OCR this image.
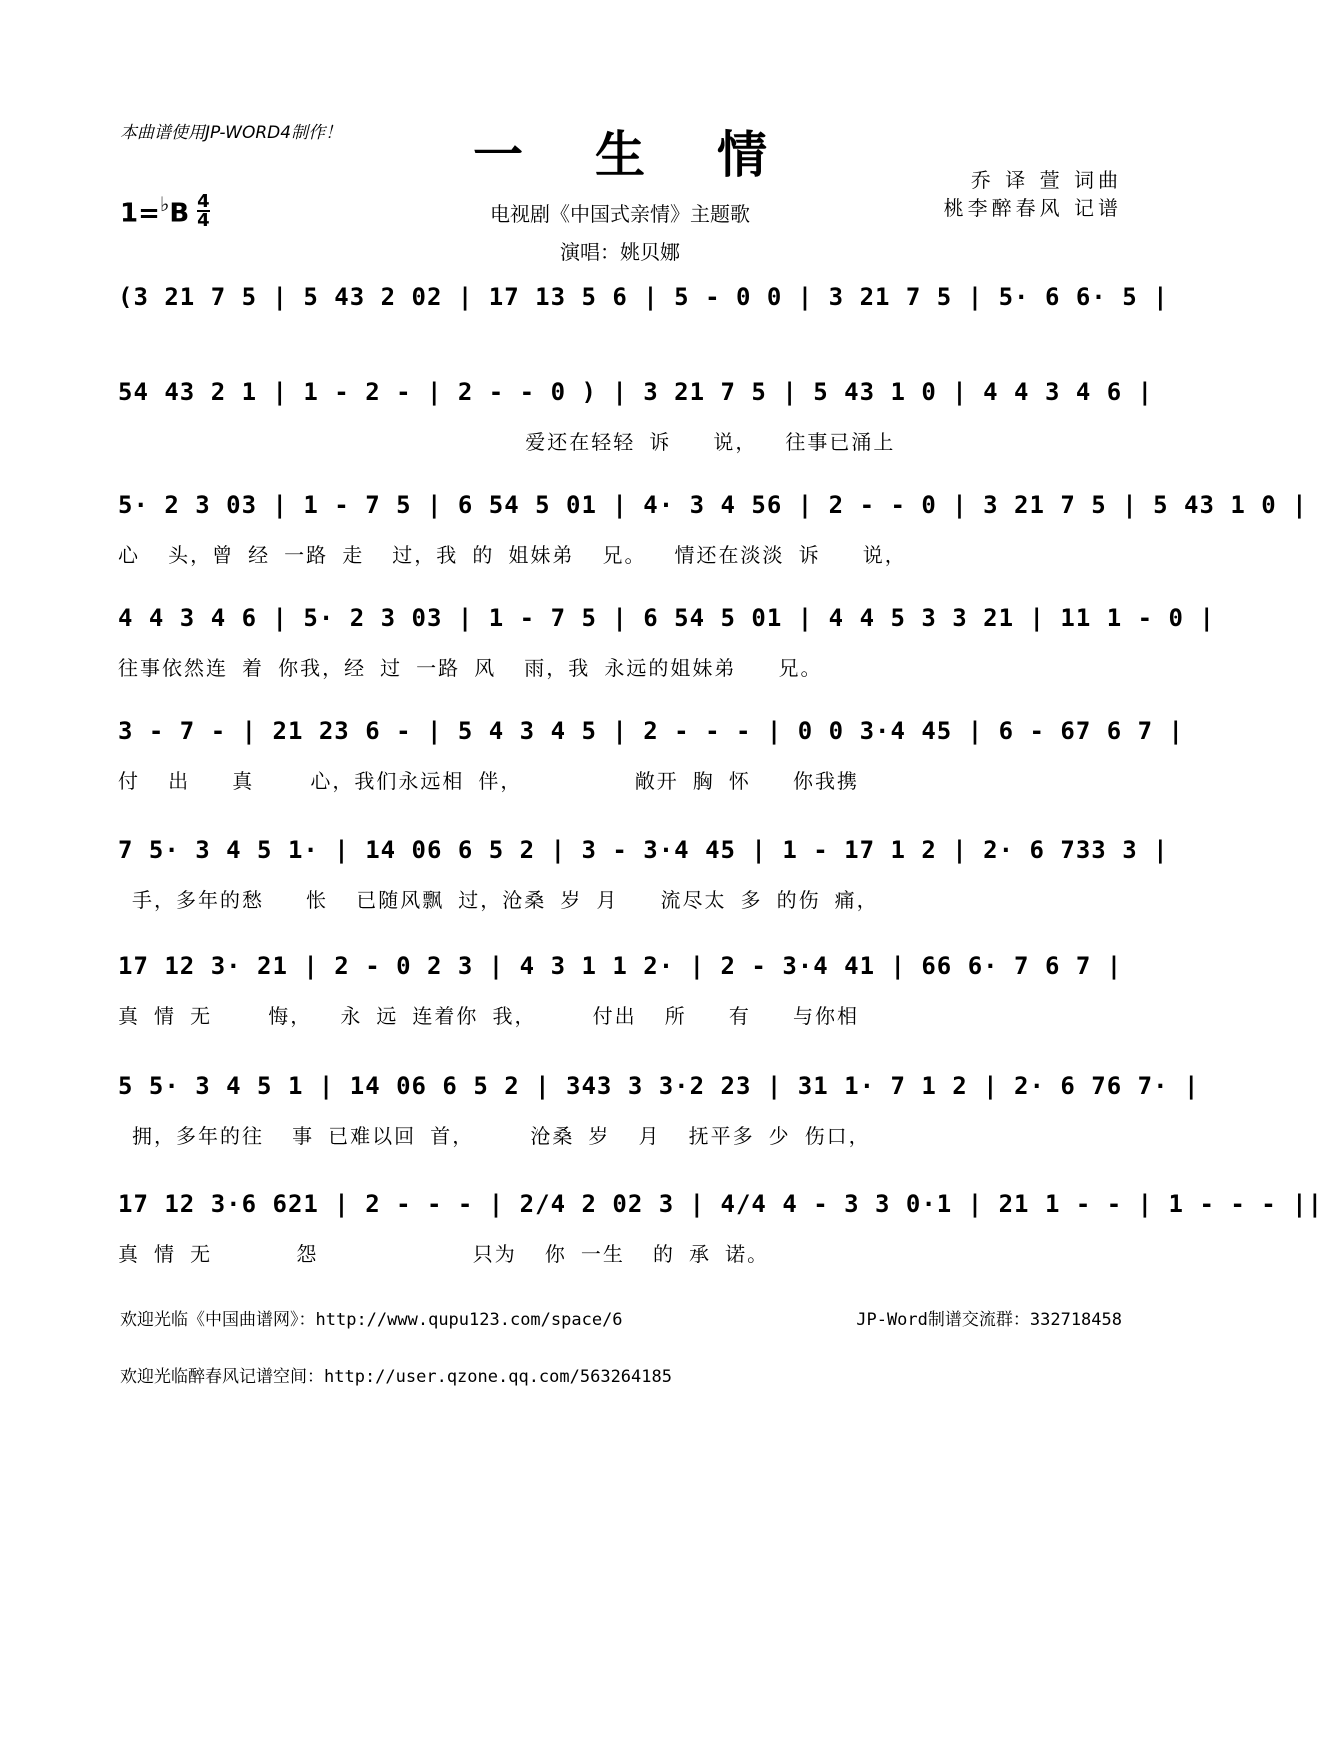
本曲谱使用JP-WORD4制作！	一生情
电视剧《中国式亲情》主题歌
演唱：姚贝娜
乔 译 萱 词曲
桃李醉春风 记谱
$1=^♭B \frac{4}{4}$
(3 21 7 5 | 5 43 2 02 | 17 13 5 6 | 5 - 0 0 | 3 21 7 5 | 5· 6 6· 5 |
54 43 2 1 | 1 - 2 - | 2 - - 0 ) | 3 21 7 5 | 5 43 1 0 | 4 4 3 4 6 |
爱还在轻轻 诉   说，  往事已涌上
5· 2 3 03 | 1 - 7 5 | 6 54 5 01 | 4· 3 4 56 | 2 - - 0 | 3 21 7 5 | 5 43 1 0 |
心  头，曾 经 一路 走  过，我 的 姐妹弟  兄。  情还在淡淡 诉   说，
4 4 3 4 6 | 5· 2 3 03 | 1 - 7 5 | 6 54 5 01 | 4 4 5 3 3 21 | 11 1 - 0 |
往事依然连 着 你我，经 过 一路 风  雨，我 永远的姐妹弟   兄。
3 - 7 - | 21 23 6 - | 5 4 3 4 5 | 2 - - - | 0 0 3·4 45 | 6 - 67 6 7 |
付  出   真    心，我们永远相 伴，        敞开 胸 怀   你我携
7 5· 3 4 5 1· | 14 06 6 5 2 | 3 - 3·4 45 | 1 - 17 1 2 | 2· 6 733 3 |
手，多年的愁   怅  已随风飘 过，沧桑 岁 月   流尽太 多 的伤 痛，
17 12 3· 21 | 2 - 0 2 3 | 4 3 1 1 2· | 2 - 3·4 41 | 66 6· 7 6 7 |
真 情 无    悔，  永 远 连着你 我，    付出  所   有   与你相
5 5· 3 4 5 1 | 14 06 6 5 2 | 343 3 3·2 23 | 31 1· 7 1 2 | 2· 6 76 7· |
拥，多年的往  事 已难以回 首，    沧桑 岁  月  抚平多 少 伤口，
17 12 3·6 621 | 2 - - - | 2/4 2 02 3 | 4/4 4 - 3 3 0·1 | 21 1 - - | 1 - - - ||
真 情 无      怨           只为  你 一生  的 承 诺。
欢迎光临《中国曲谱网》：http://www.qupu123.com/space/6	JP-Word制谱交流群：332718458
欢迎光临醉春风记谱空间：http://user.qzone.qq.com/563264185
